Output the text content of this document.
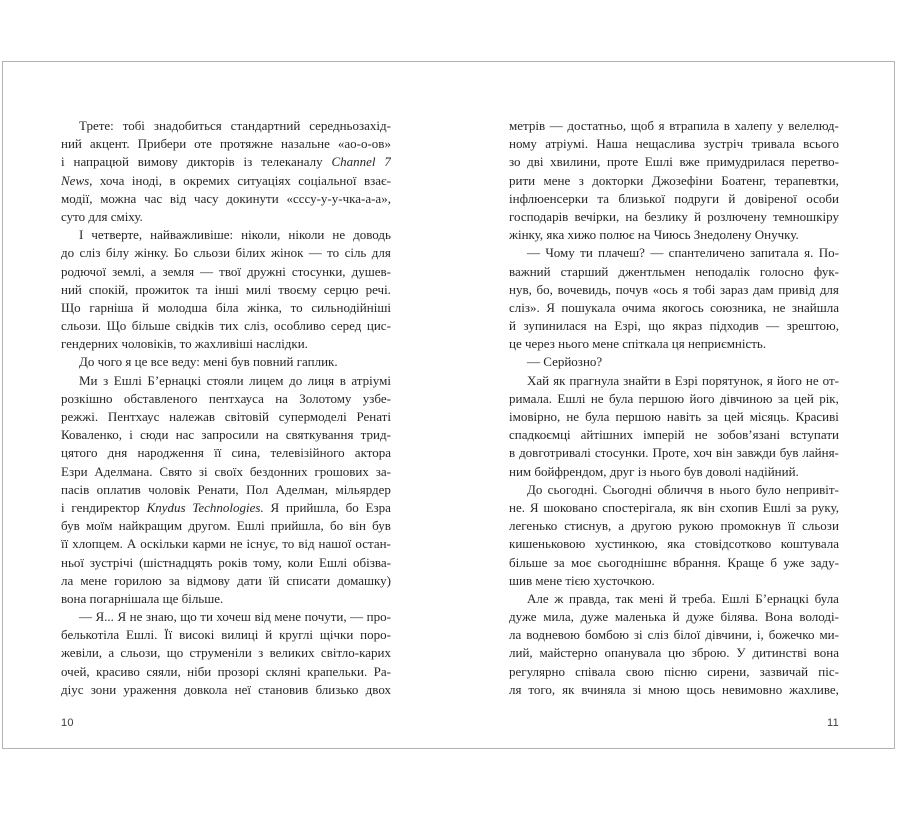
Трете: тобі знадобиться стандартний середньозахід-
ний акцент. Прибери оте протяжне назальне «ао-о-ов»
і напрацюй вимову дикторів із телеканалу Channel 7
News, хоча іноді, в окремих ситуаціях соціальної взає-
модії, можна час від часу докинути «сссу-у-у-чка-а-а»,
суто для сміху.
І четверте, найважливіше: ніколи, ніколи не доводь
до сліз білу жінку. Бо сльози білих жінок — то сіль для
родючої землі, а земля — твої дружні стосунки, душев-
ний спокій, прожиток та інші милі твоєму серцю речі.
Що гарніша й молодша біла жінка, то сильнодійніші
сльози. Що більше свідків тих сліз, особливо серед цис-
гендерних чоловіків, то жахливіші наслідки.
До чого я це все веду: мені був повний гаплик.
Ми з Ешлі Б’ернацкі стояли лицем до лиця в атріумі
розкішно обставленого пентхауса на Золотому узбе-
режжі. Пентхаус належав світовій супермоделі Ренаті
Коваленко, і сюди нас запросили на святкування трид-
цятого дня народження її сина, телевізійного актора
Езри Аделмана. Свято зі своїх бездонних грошових за-
пасів оплатив чоловік Ренати, Пол Аделман, мільярдер
і гендиректор Knydus Technologies. Я прийшла, бо Езра
був моїм найкращим другом. Ешлі прийшла, бо він був
її хлопцем. А оскільки карми не існує, то від нашої остан-
ньої зустрічі (шістнадцять років тому, коли Ешлі обізва-
ла мене горилою за відмову дати їй списати домашку)
вона погарнішала ще більше.
— Я... Я не знаю, що ти хочеш від мене почути, — про-
белькотіла Ешлі. Її високі вилиці й круглі щічки поро-
жевіли, а сльози, що струменіли з великих світло-карих
очей, красиво сяяли, ніби прозорі скляні крапельки. Ра-
діус зони ураження довкола неї становив близько двох
10
метрів — достатньо, щоб я втрапила в халепу у велелюд-
ному атріумі. Наша нещаслива зустріч тривала всього
зо дві хвилини, проте Ешлі вже примудрилася перетво-
рити мене з докторки Джозефіни Боатенг, терапевтки,
інфлюенсерки та близької подруги й довіреної особи
господарів вечірки, на безлику й розлючену темношкіру
жінку, яка хижо полює на Чиюсь Знедолену Онучку.
— Чому ти плачеш? — спантеличено запитала я. По-
важний старший джентльмен неподалік голосно фук-
нув, бо, вочевидь, почув «ось я тобі зараз дам привід для
сліз». Я пошукала очима якогось союзника, не знайшла
й зупинилася на Езрі, що якраз підходив — зрештою,
це через нього мене спіткала ця неприємність.
— Серйозно?
Хай як прагнула знайти в Езрі порятунок, я його не от-
римала. Ешлі не була першою його дівчиною за цей рік,
імовірно, не була першою навіть за цей місяць. Красиві
спадкоємці айтішних імперій не зобов’язані вступати
в довготривалі стосунки. Проте, хоч він завжди був лайня-
ним бойфрендом, друг із нього був доволі надійний.
До сьогодні. Сьогодні обличчя в нього було непривіт-
не. Я шоковано спостерігала, як він схопив Ешлі за руку,
легенько стиснув, а другою рукою промокнув її сльози
кишеньковою хустинкою, яка стовідсотково коштувала
більше за моє сьогоднішнє вбрання. Краще б уже заду-
шив мене тією хусточкою.
Але ж правда, так мені й треба. Ешлі Б’ернацкі була
дуже мила, дуже маленька й дуже білява. Вона володі-
ла водневою бомбою зі сліз білої дівчини, і, божечко ми-
лий, майстерно опанувала цю зброю. У дитинстві вона
регулярно співала свою пісню сирени, зазвичай піс-
ля того, як вчиняла зі мною щось невимовно жахливе,
11
